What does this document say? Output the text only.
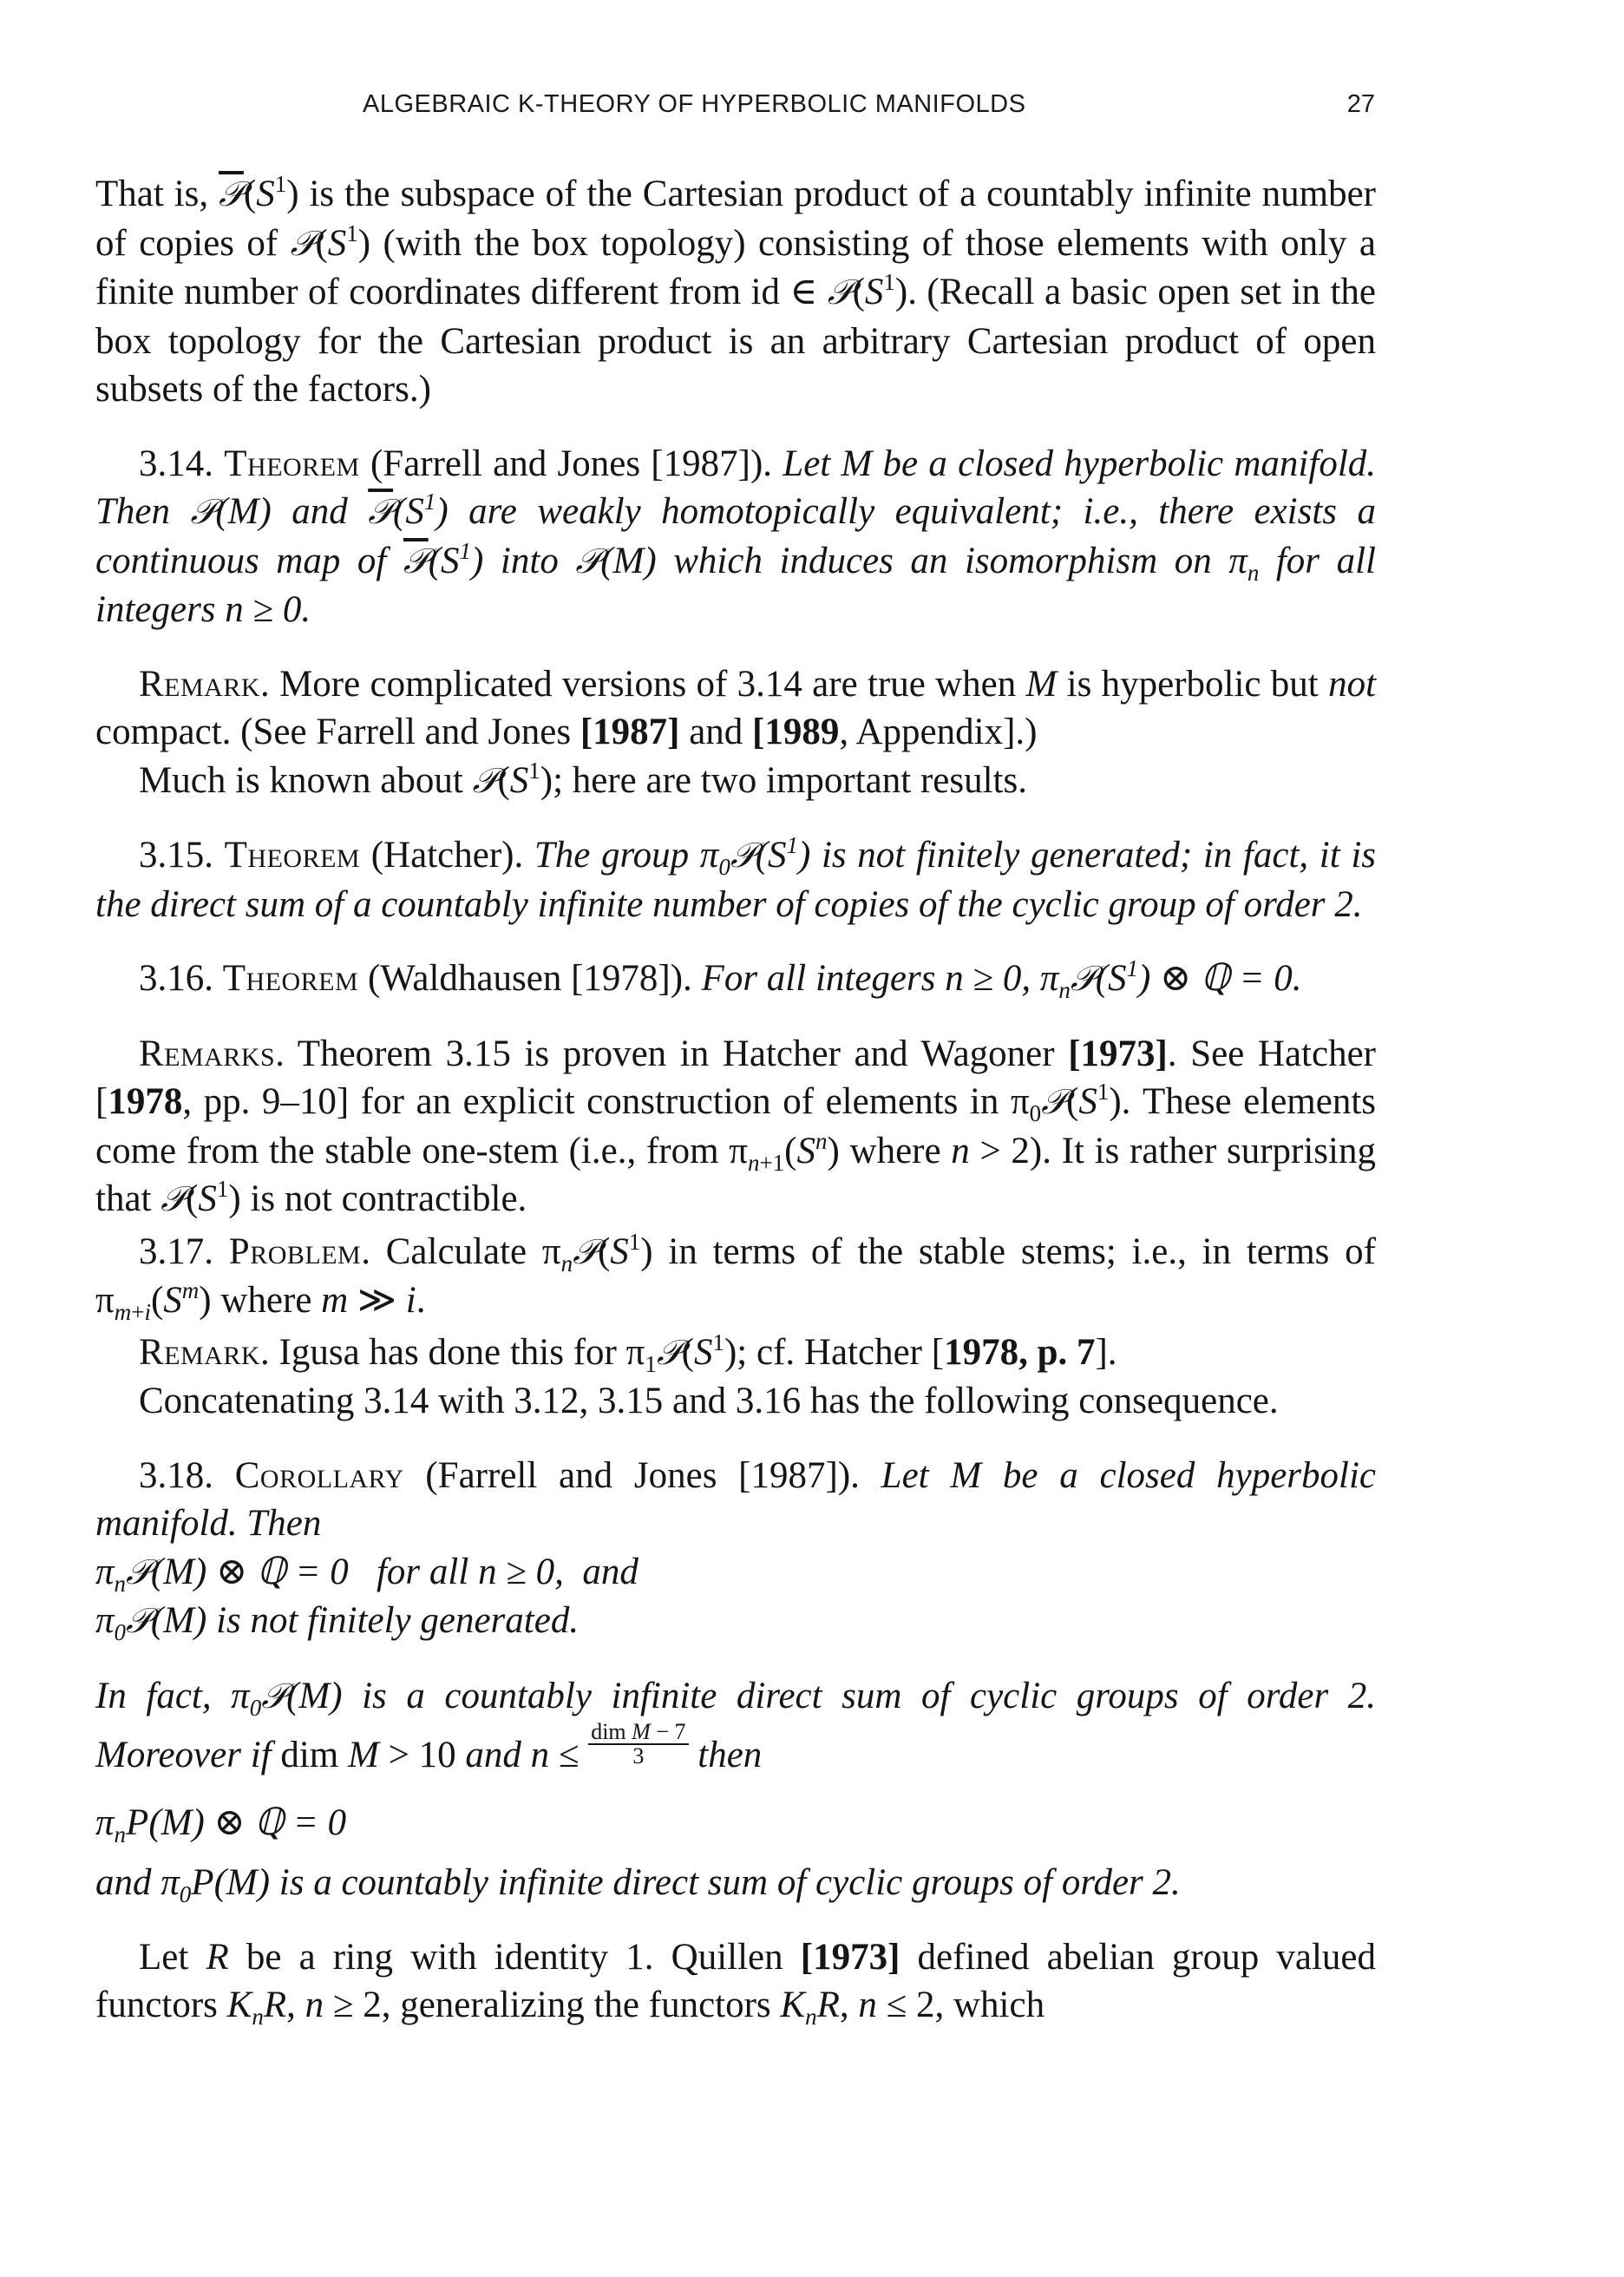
ALGEBRAIC K-THEORY OF HYPERBOLIC MANIFOLDS	27

That is, $𝒫(S^1)$ is the subspace of the Cartesian product of a countably infinite number of copies of $𝒫(S^1)$ (with the box topology) consisting of those elements with only a finite number of coordinates different from id ∈ $𝒫(S^1)$. (Recall a basic open set in the box topology for the Cartesian product is an arbitrary Cartesian product of open subsets of the factors.)

3.14. Theorem (Farrell and Jones [1987]). Let M be a closed hyperbolic manifold. Then 𝒫(M) and $𝒫(S^1)$ are weakly homotopically equivalent; i.e., there exists a continuous map of $𝒫(S^1)$ into 𝒫(M) which induces an isomorphism on $\pi_n$ for all integers n ≥ 0.

Remark. More complicated versions of 3.14 are true when M is hyperbolic but not compact. (See Farrell and Jones [1987] and [1989, Appendix].)

Much is known about $𝒫(S^1)$; here are two important results.

3.15. Theorem (Hatcher). The group $\pi_0𝒫(S^1)$ is not finitely generated; in fact, it is the direct sum of a countably infinite number of copies of the cyclic group of order 2.

3.16. Theorem (Waldhausen [1978]). For all integers n ≥ 0, $\pi_n𝒫(S^1)$ ⊗ ℚ = 0.

Remarks. Theorem 3.15 is proven in Hatcher and Wagoner [1973]. See Hatcher [1978, pp. 9–10] for an explicit construction of elements in $\pi_0𝒫(S^1)$. These elements come from the stable one-stem (i.e., from $\pi_{n+1}(S^n)$ where n > 2). It is rather surprising that $𝒫(S^1)$ is not contractible.

3.17. Problem. Calculate $\pi_n𝒫(S^1)$ in terms of the stable stems; i.e., in terms of $\pi_{m+i}(S^m)$ where m ≫ i.

Remark. Igusa has done this for $\pi_1𝒫(S^1)$; cf. Hatcher [1978, p. 7].

Concatenating 3.14 with 3.12, 3.15 and 3.16 has the following consequence.

3.18. Corollary (Farrell and Jones [1987]). Let M be a closed hyperbolic manifold. Then

$\pi_n𝒫(M)$ ⊗ ℚ = 0   for all n ≥ 0,  and

$\pi_0𝒫(M)$ is not finitely generated.

In fact, $\pi_0𝒫(M)$ is a countably infinite direct sum of cyclic groups of order 2. Moreover if dim M > 10 and $n \le \frac{\text{dim M − 7}}{3}$ then

$\pi_nP(M)$ ⊗ ℚ = 0

and $\pi_0P(M)$ is a countably infinite direct sum of cyclic groups of order 2.

Let R be a ring with identity 1. Quillen [1973] defined abelian group valued functors $K_nR$, n ≥ 2, generalizing the functors $K_nR$, n ≤ 2, which
